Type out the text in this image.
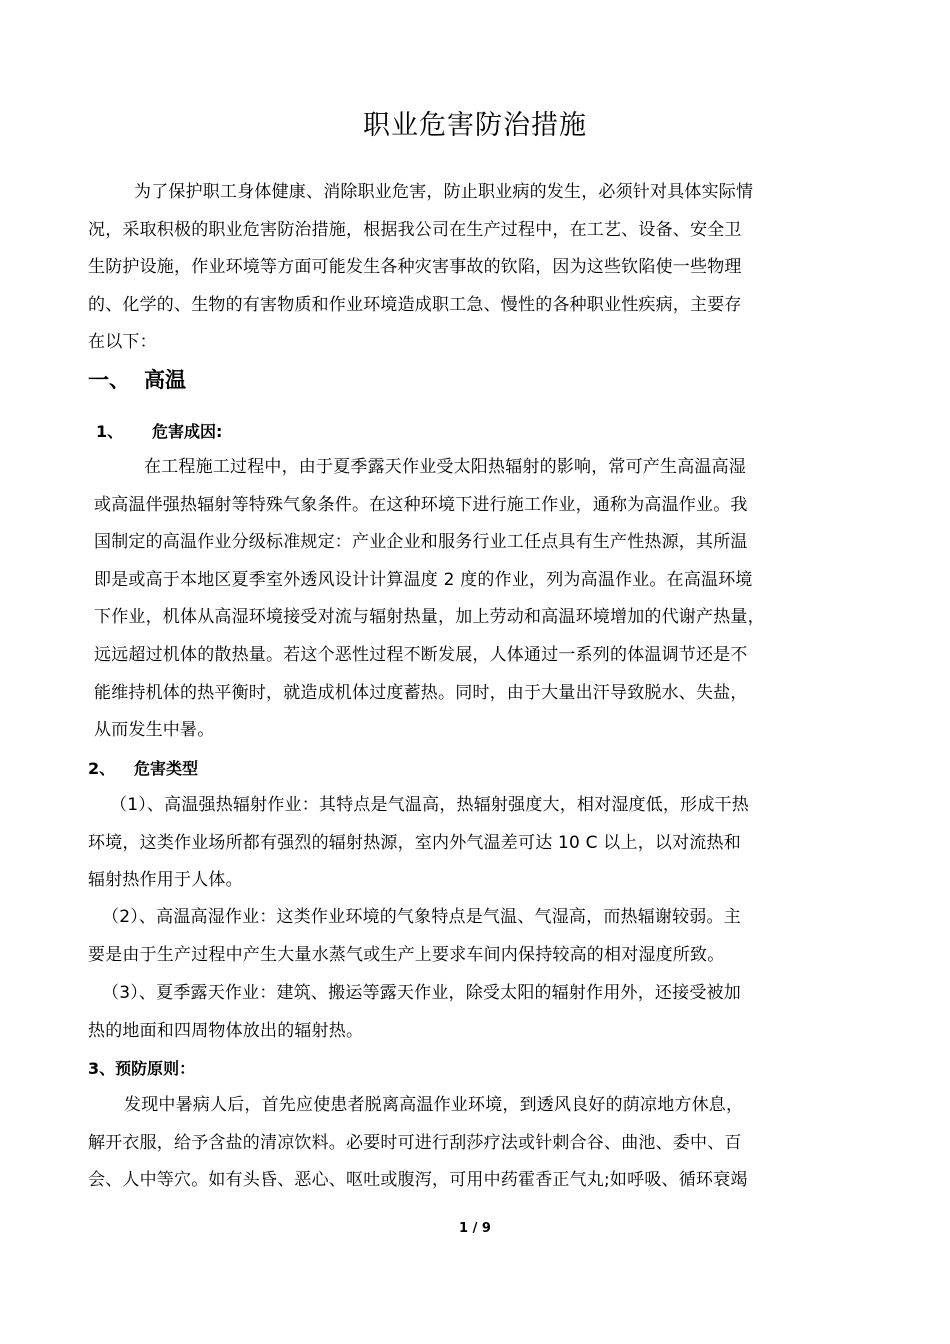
职业危害防治措施
为了保护职工身体健康、消除职业危害，防止职业病的发生，必须针对具体实际情
况，采取积极的职业危害防治措施，根据我公司在生产过程中，在工艺、设备、安全卫
生防护设施，作业环境等方面可能发生各种灾害事故的钦陷，因为这些钦陷使一些物理
的、化学的、生物的有害物质和作业环境造成职工急、慢性的各种职业性疾病，主要存
在以下：
一、 高温
1、 危害成因:
在工程施工过程中，由于夏季露天作业受太阳热辐射的影响，常可产生高温高湿
或高温伴强热辐射等特殊气象条件。在这种环境下进行施工作业，通称为高温作业。我
国制定的高温作业分级标准规定：产业企业和服务行业工任点具有生产性热源，其所温
即是或高于本地区夏季室外透风设计计算温度 2 度的作业，列为高温作业。在高温环境
下作业，机体从高湿环境接受对流与辐射热量，加上劳动和高温环境增加的代谢产热量，
远远超过机体的散热量。若这个恶性过程不断发展，人体通过一系列的体温调节还是不
能维持机体的热平衡时，就造成机体过度蓄热。同时，由于大量出汗导致脱水、失盐，
从而发生中暑。
2、 危害类型
（1）、高温强热辐射作业：其特点是气温高，热辐射强度大，相对湿度低，形成干热
环境，这类作业场所都有强烈的辐射热源，室内外气温差可达 10 C 以上，以对流热和
辐射热作用于人体。
（2）、高温高湿作业：这类作业环境的气象特点是气温、气湿高，而热辐谢较弱。主
要是由于生产过程中产生大量水蒸气或生产上要求车间内保持较高的相对湿度所致。
（3）、夏季露天作业：建筑、搬运等露天作业，除受太阳的辐射作用外，还接受被加
热的地面和四周物体放出的辐射热。
3、预防原则：
发现中暑病人后，首先应使患者脱离高温作业环境，到透风良好的荫凉地方休息，
解开衣服，给予含盐的清凉饮料。必要时可进行刮莎疗法或针刺合谷、曲池、委中、百
会、人中等穴。如有头昏、恶心、呕吐或腹泻，可用中药霍香正气丸;如呼吸、循环衰竭
1 / 9
